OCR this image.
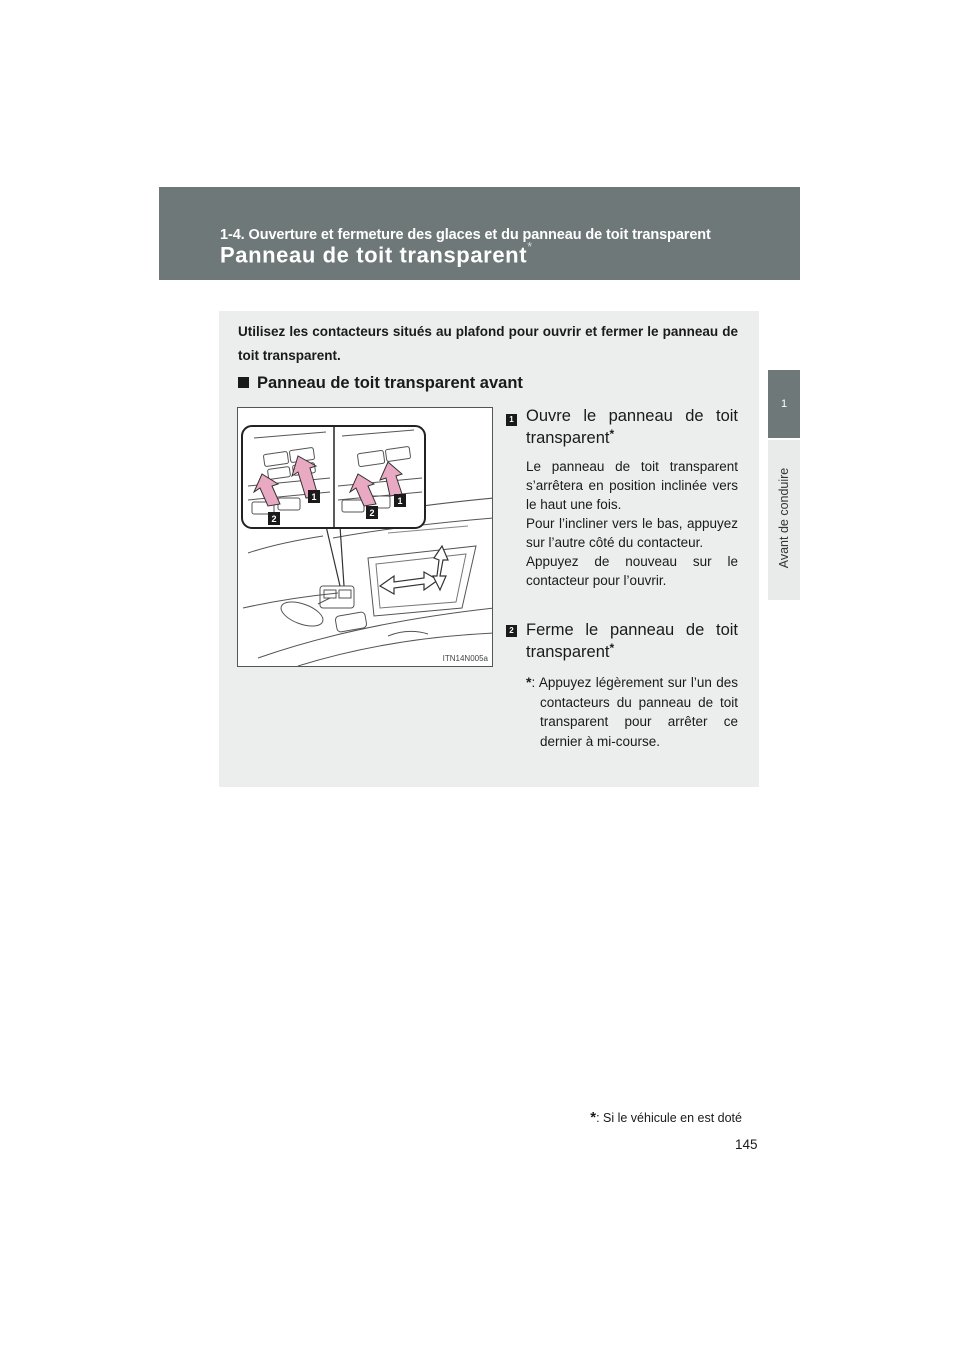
1-4. Ouverture et fermeture des glaces et du panneau de toit transparent
Panneau de toit transparent*
1
Avant de conduire
Utilisez les contacteurs situés au plafond pour ouvrir et fermer le panneau de toit transparent.
Panneau de toit transparent avant
1
2
1
2
ITN14N005a
1 Ouvre le panneau de toit transparent*

Le panneau de toit transparent s’arrêtera en position inclinée vers le haut une fois.

Pour l’incliner vers le bas, appuyez sur l’autre côté du contacteur.

Appuyez de nouveau sur le contacteur pour l’ouvrir.

2 Ferme le panneau de toit transparent*
*: Appuyez légèrement sur l’un des contacteurs du panneau de toit transparent pour arrêter ce dernier à mi-course.
*: Si le véhicule en est doté
145
